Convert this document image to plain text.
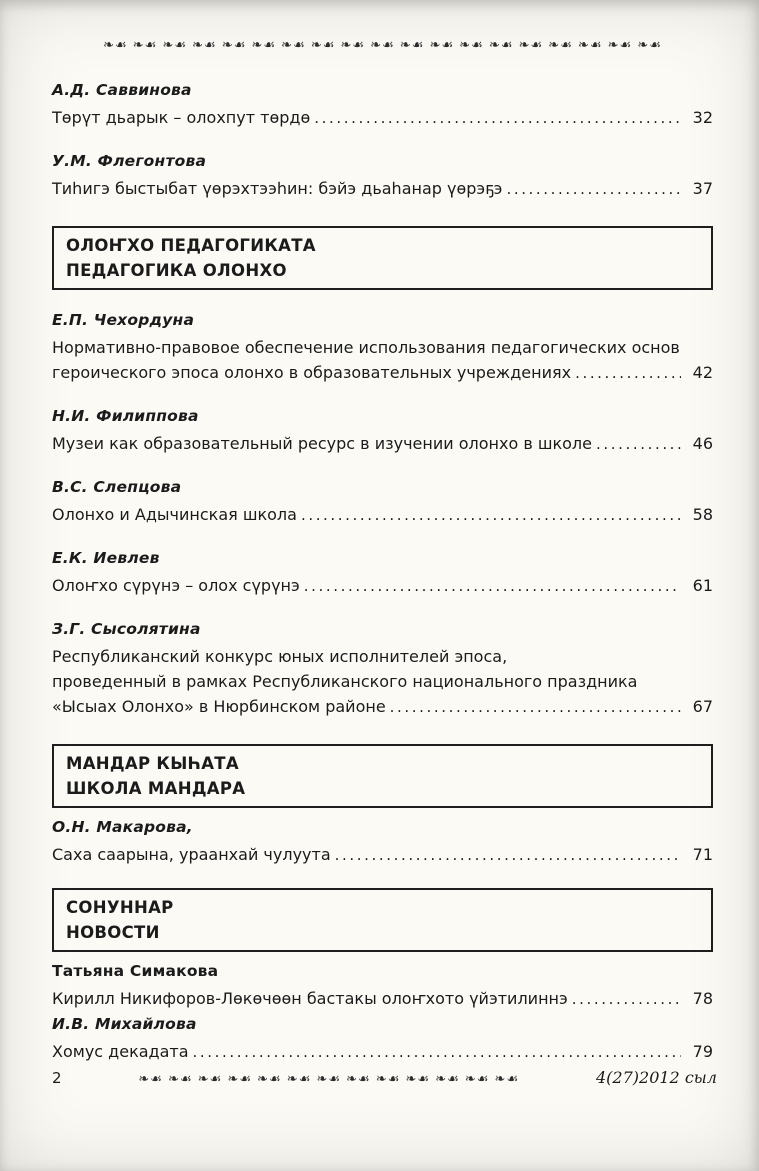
❧☙ ❧☙ ❧☙ ❧☙ ❧☙ ❧☙ ❧☙ ❧☙ ❧☙ ❧☙ ❧☙ ❧☙ ❧☙ ❧☙ ❧☙ ❧☙ ❧☙ ❧☙ ❧☙
А.Д. Саввинова
Төрүт дьарык – олохпут төрдө .....	32
У.М. Флегонтова
Тиһигэ быстыбат үөрэхтээһин: бэйэ дьаһанар үөрэҕэ .....	37
ОЛОҤХО ПЕДАГОГИКАТА
ПЕДАГОГИКА ОЛОНХО
Е.П. Чехордуна
Нормативно-правовое обеспечение использования педагогических основ
героического эпоса олонхо в образовательных учреждениях .....	42
Н.И. Филиппова
Музеи как образовательный ресурс в изучении олонхо в школе .....	46
В.С. Слепцова
Олонхо и Адычинская школа .....	58
Е.К. Иевлев
Олоҥхо сүрүнэ – олох сүрүнэ .....	61
З.Г. Сысолятина
Республиканский конкурс юных исполнителей эпоса,
проведенный в рамках Республиканского национального праздника
«Ысыах Олонхо» в Нюрбинском районе .....	67
МАНДАР КЫҺАТА
ШКОЛА МАНДАРА
О.Н. Макарова,
Саха саарына, ураанхай чулуута .....	71
СОНУННАР
НОВОСТИ
Татьяна Симакова
Кирилл Никифоров-Лөкөчөөн бастакы олоҥхото үйэтилиннэ .....	78
И.В. Михайлова
Хомус декадата .....	79
2	❧☙ ❧☙ ❧☙ ❧☙ ❧☙ ❧☙ ❧☙ ❧☙ ❧☙ ❧☙ ❧☙ ❧☙ ❧☙	4(27)2012 сыл
